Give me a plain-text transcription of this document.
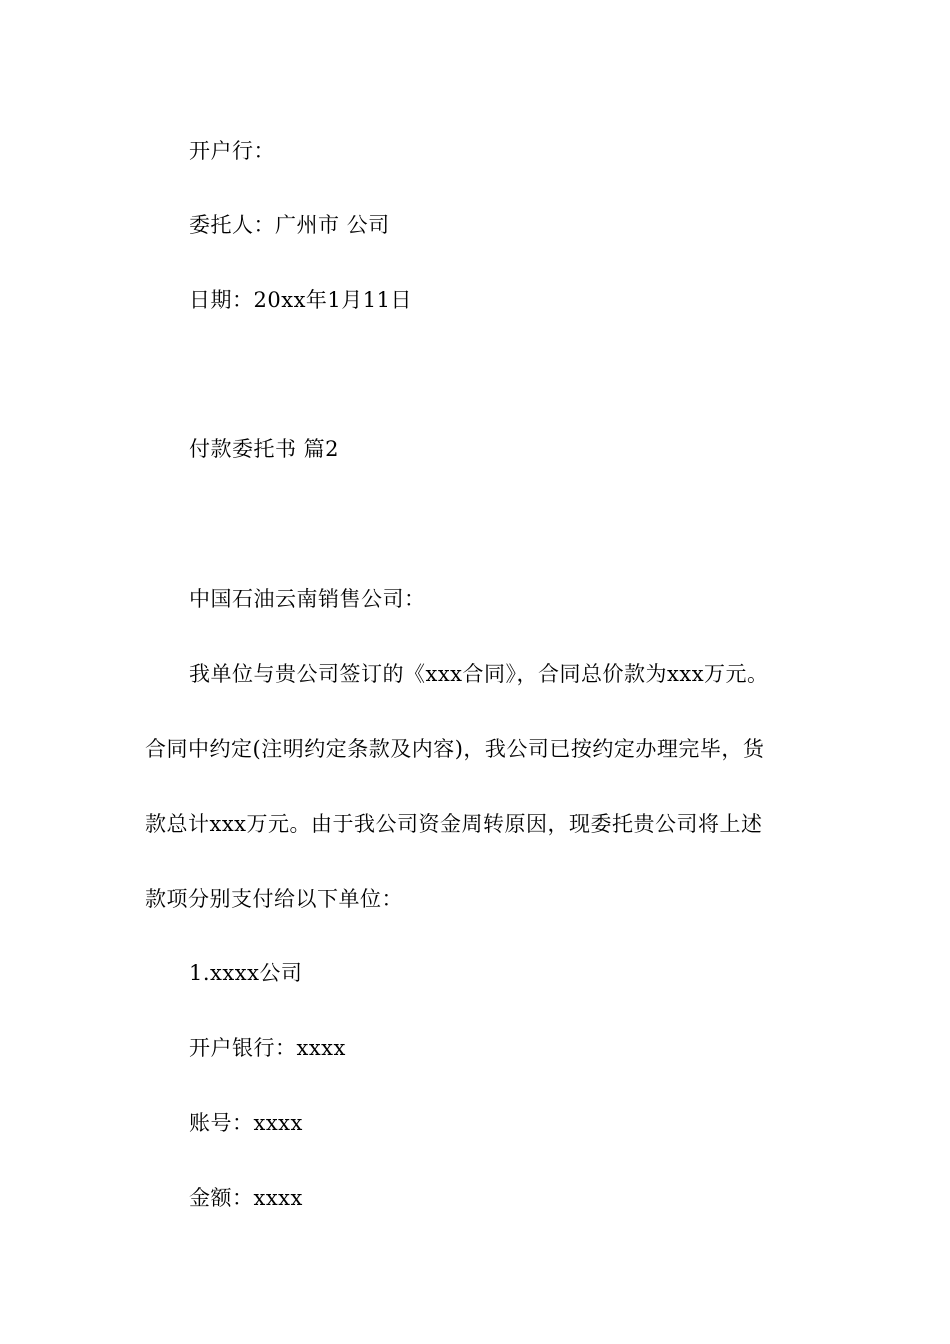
开户行：

委托人：广州市 公司

日期：20xx年1月11日

付款委托书 篇2

中国石油云南销售公司：

我单位与贵公司签订的《xxx合同》，合同总价款为xxx万元。

合同中约定(注明约定条款及内容)，我公司已按约定办理完毕，货

款总计xxx万元。由于我公司资金周转原因，现委托贵公司将上述

款项分别支付给以下单位：

1.xxxx公司

开户银行：xxxx

账号：xxxx

金额：xxxx
